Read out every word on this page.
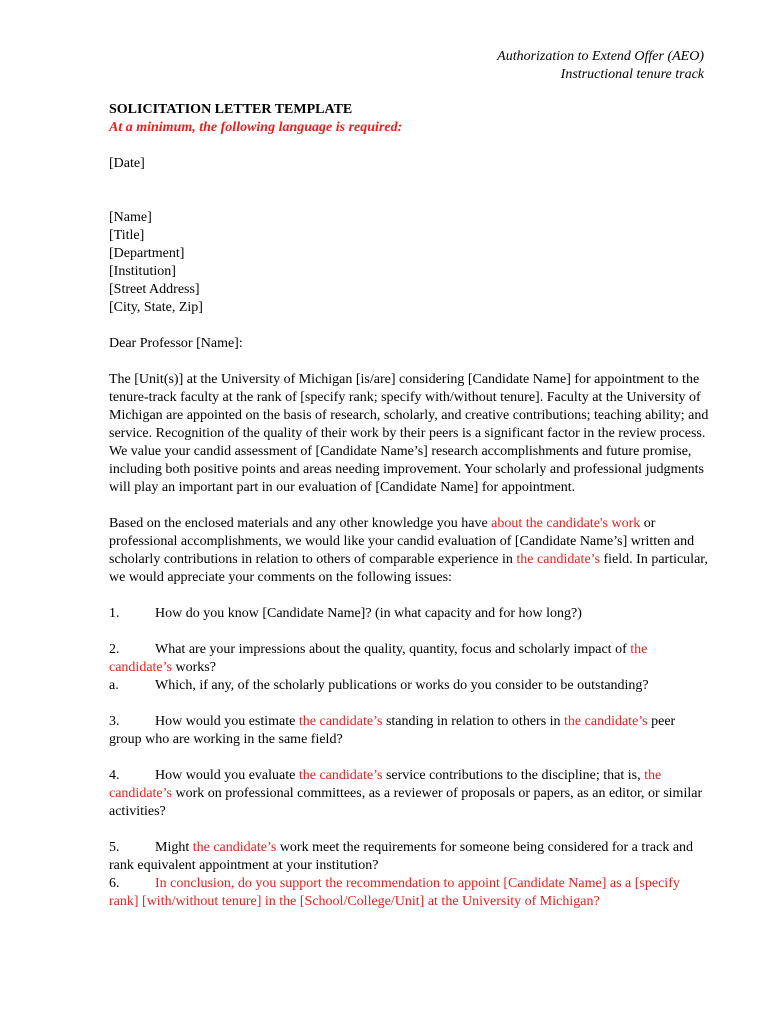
Authorization to Extend Offer (AEO)
Instructional tenure track
SOLICITATION LETTER TEMPLATE
At a minimum, the following language is required:
[Date]
[Name]
[Title]
[Department]
[Institution]
[Street Address]
[City, State, Zip]
Dear Professor [Name]:

The [Unit(s)] at the University of Michigan [is/are] considering [Candidate Name] for appointment to the tenure-track faculty at the rank of [specify rank; specify with/without tenure]. Faculty at the University of Michigan are appointed on the basis of research, scholarly, and creative contributions; teaching ability; and service. Recognition of the quality of their work by their peers is a significant factor in the review process. We value your candid assessment of [Candidate Name’s] research accomplishments and future promise, including both positive points and areas needing improvement. Your scholarly and professional judgments will play an important part in our evaluation of [Candidate Name] for appointment.

Based on the enclosed materials and any other knowledge you have about the candidate's work or professional accomplishments, we would like your candid evaluation of [Candidate Name’s] written and scholarly contributions in relation to others of comparable experience in the candidate’s field. In particular, we would appreciate your comments on the following issues:

1.	How do you know [Candidate Name]? (in what capacity and for how long?)

2.	What are your impressions about the quality, quantity, focus and scholarly impact of the candidate’s works?

a.	Which, if any, of the scholarly publications or works do you consider to be outstanding?

3.	How would you estimate the candidate’s standing in relation to others in the candidate’s peer group who are working in the same field?

4.	How would you evaluate the candidate’s service contributions to the discipline; that is, the candidate’s work on professional committees, as a reviewer of proposals or papers, as an editor, or similar activities?

5.	Might the candidate’s work meet the requirements for someone being considered for a track and rank equivalent appointment at your institution?

6.	In conclusion, do you support the recommendation to appoint [Candidate Name] as a [specify rank] [with/without tenure] in the [School/College/Unit] at the University of Michigan?
